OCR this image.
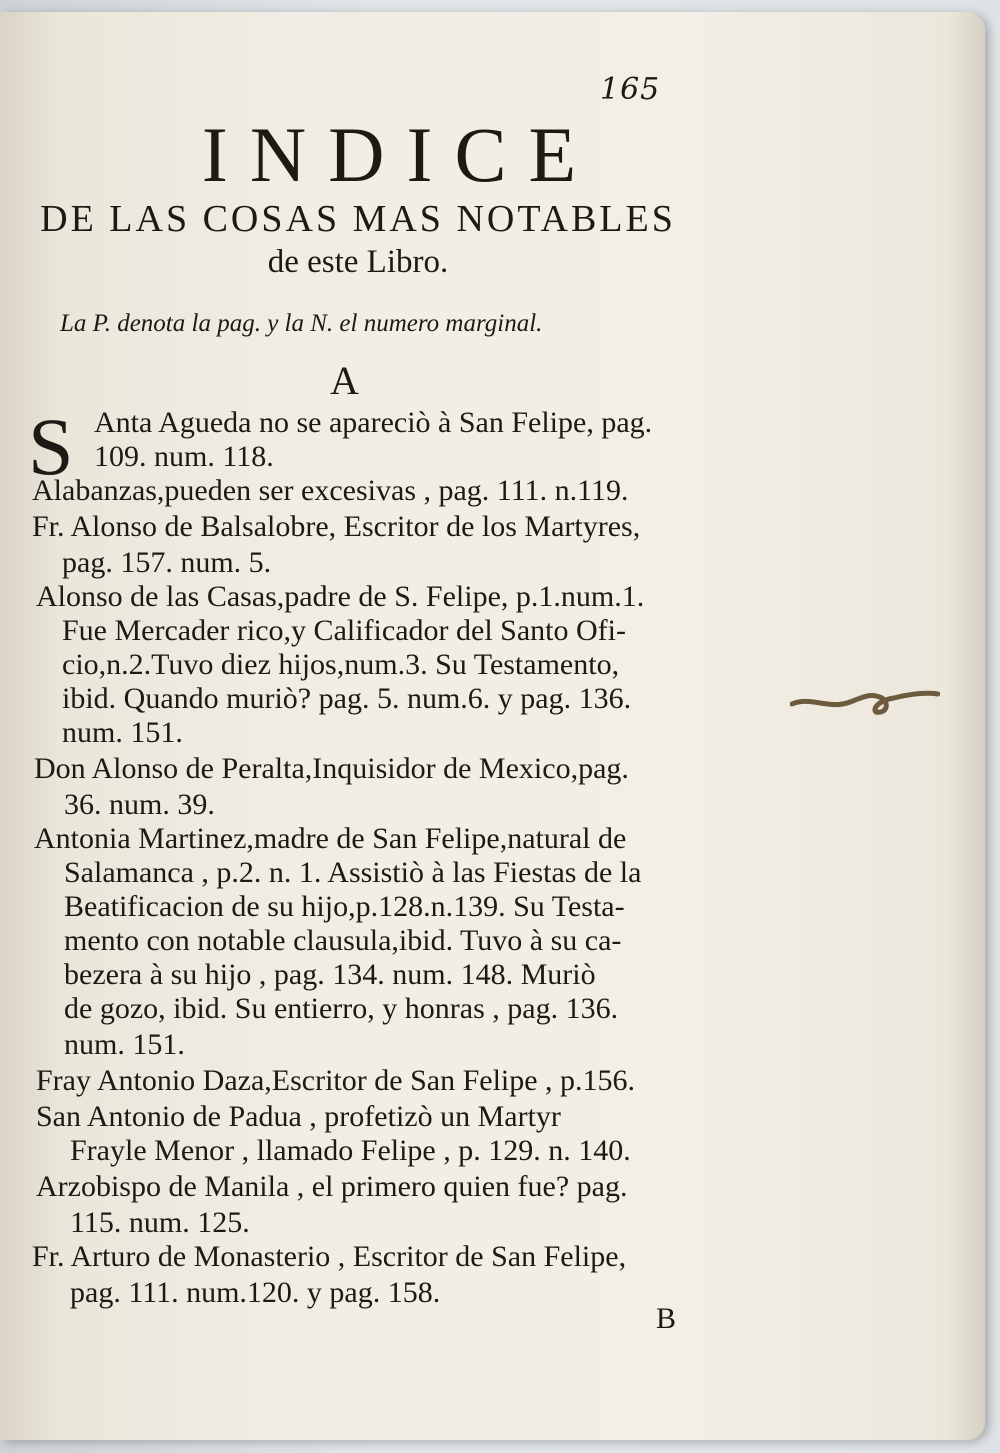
165
INDICE
DE LAS COSAS MAS NOTABLES
de este Libro.
La P. denota la pag. y la N. el numero marginal.
A
S Anta Agueda no se apareciò à San Felipe, pag.
109. num. 118.
Alabanzas,pueden ser excesivas , pag. 111. n.119.
Fr. Alonso de Balsalobre, Escritor de los Martyres,
pag. 157. num. 5.
Alonso de las Casas,padre de S. Felipe, p.1.num.1.
Fue Mercader rico,y Calificador del Santo Ofi-
cio,n.2.Tuvo diez hijos,num.3. Su Testamento,
ibid. Quando muriò? pag. 5. num.6. y pag. 136.
num. 151.
Don Alonso de Peralta,Inquisidor de Mexico,pag.
36. num. 39.
Antonia Martinez,madre de San Felipe,natural de
Salamanca , p.2. n. 1. Assistiò à las Fiestas de la
Beatificacion de su hijo,p.128.n.139. Su Testa-
mento con notable clausula,ibid. Tuvo à su ca-
bezera à su hijo , pag. 134. num. 148. Muriò
de gozo, ibid. Su entierro, y honras , pag. 136.
num. 151.
Fray Antonio Daza,Escritor de San Felipe , p.156.
San Antonio de Padua , profetizò un Martyr
Frayle Menor , llamado Felipe , p. 129. n. 140.
Arzobispo de Manila , el primero quien fue? pag.
115. num. 125.
Fr. Arturo de Monasterio , Escritor de San Felipe,
pag. 111. num.120. y pag. 158.
B
